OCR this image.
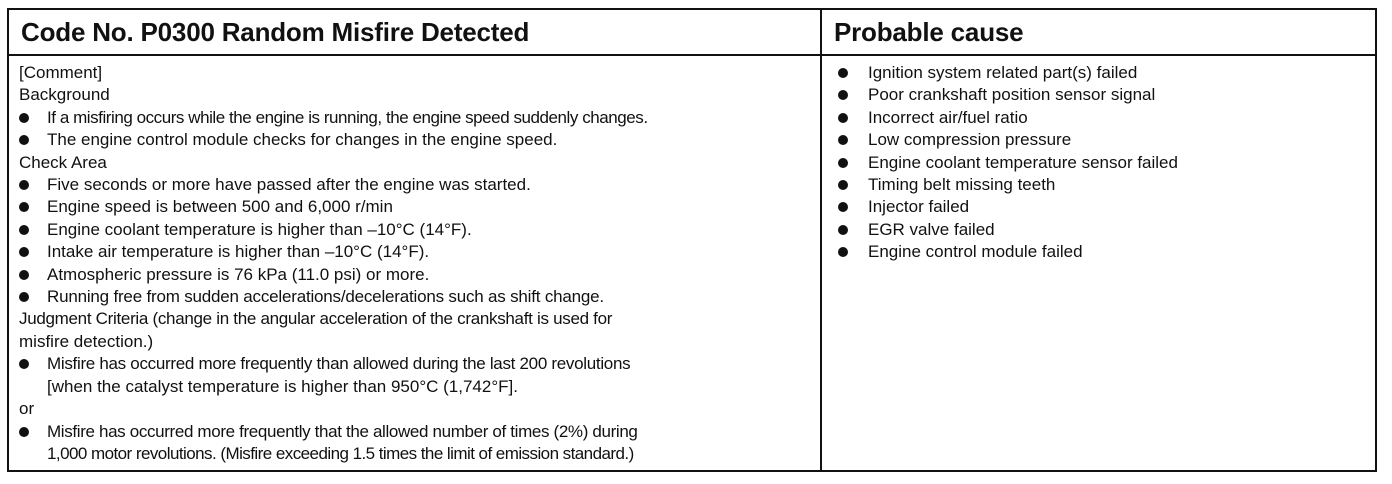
Code No. P0300 Random Misfire Detected	Probable cause
[Comment]
Background
If a misfiring occurs while the engine is running, the engine speed suddenly changes.
The engine control module checks for changes in the engine speed.
Check Area
Five seconds or more have passed after the engine was started.
Engine speed is between 500 and 6,000 r/min
Engine coolant temperature is higher than –10°C (14°F).
Intake air temperature is higher than –10°C (14°F).
Atmospheric pressure is 76 kPa (11.0 psi) or more.
Running free from sudden accelerations/decelerations such as shift change.
Judgment Criteria (change in the angular acceleration of the crankshaft is used for
misfire detection.)
Misfire has occurred more frequently than allowed during the last 200 revolutions
[when the catalyst temperature is higher than 950°C (1,742°F].
or
Misfire has occurred more frequently that the allowed number of times (2%) during
1,000 motor revolutions. (Misfire exceeding 1.5 times the limit of emission standard.)
Ignition system related part(s) failed
Poor crankshaft position sensor signal
Incorrect air/fuel ratio
Low compression pressure
Engine coolant temperature sensor failed
Timing belt missing teeth
Injector failed
EGR valve failed
Engine control module failed
